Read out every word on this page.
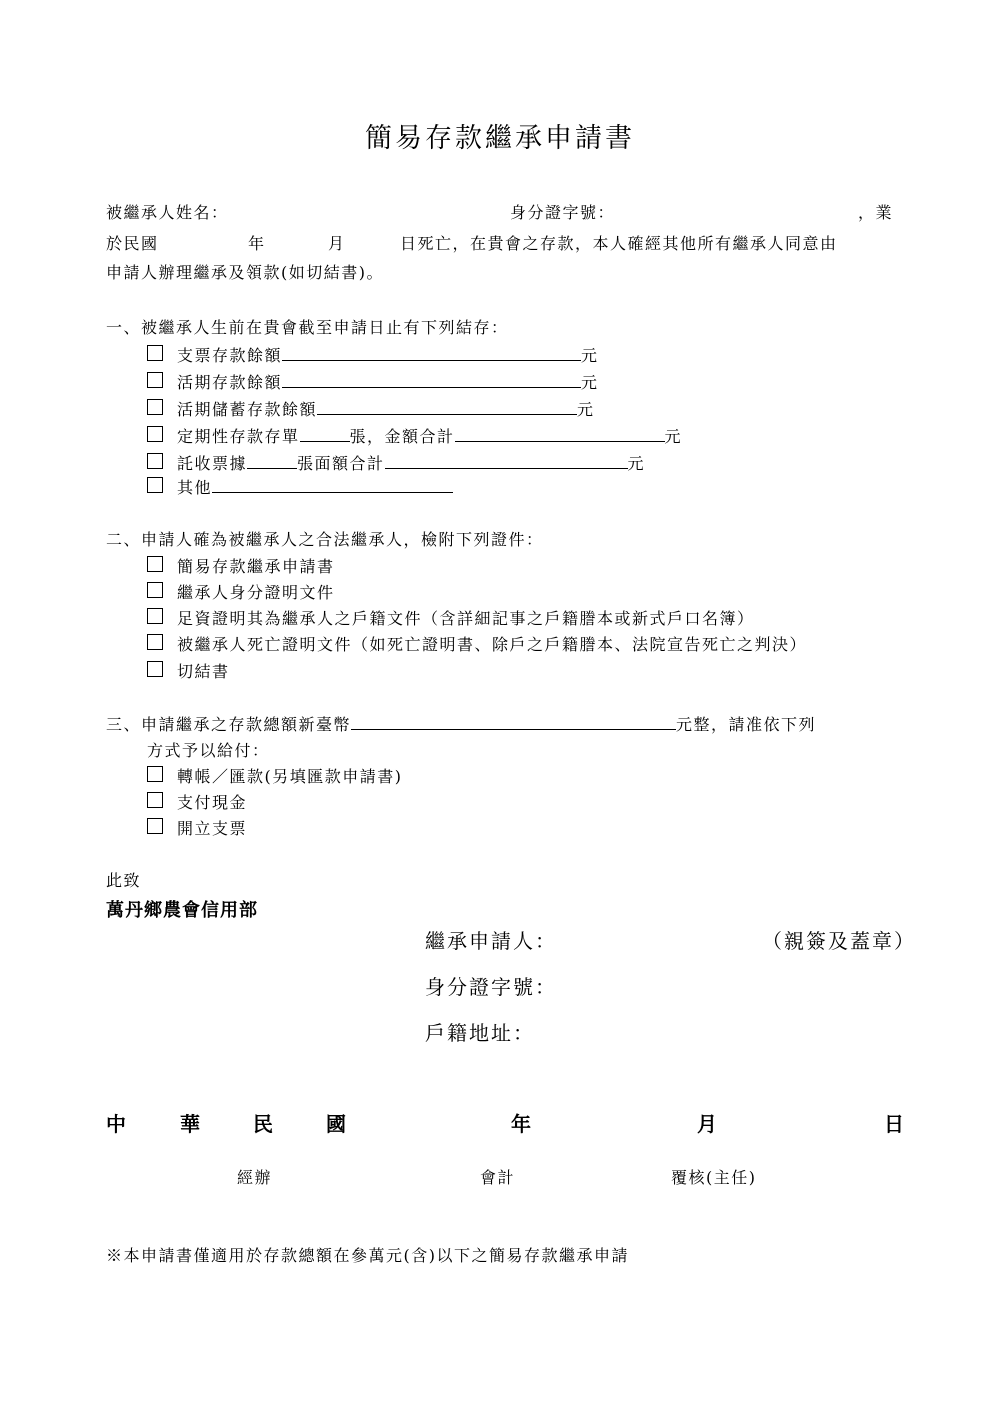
簡易存款繼承申請書
被繼承人姓名：	身分證字號：	，業
於民國	年	月	日死亡，在貴會之存款，本人確經其他所有繼承人同意由
申請人辦理繼承及領款(如切結書)。
一、被繼承人生前在貴會截至申請日止有下列結存：
支票存款餘額	元
活期存款餘額	元
活期儲蓄存款餘額	元
定期性存款存單	張，金額合計	元
託收票據	張面額合計	元
其他
二、申請人確為被繼承人之合法繼承人，檢附下列證件：
簡易存款繼承申請書
繼承人身分證明文件
足資證明其為繼承人之戶籍文件（含詳細記事之戶籍謄本或新式戶口名簿）
被繼承人死亡證明文件（如死亡證明書、除戶之戶籍謄本、法院宣告死亡之判決）
切結書
三、申請繼承之存款總額新臺幣	元整，請准依下列
方式予以給付：
轉帳／匯款(另填匯款申請書)
支付現金
開立支票
此致
萬丹鄉農會信用部
繼承申請人：	（親簽及蓋章）
身分證字號：
戶籍地址：
中	華	民	國	年	月	日
經辦	會計	覆核(主任)
※本申請書僅適用於存款總額在參萬元(含)以下之簡易存款繼承申請
